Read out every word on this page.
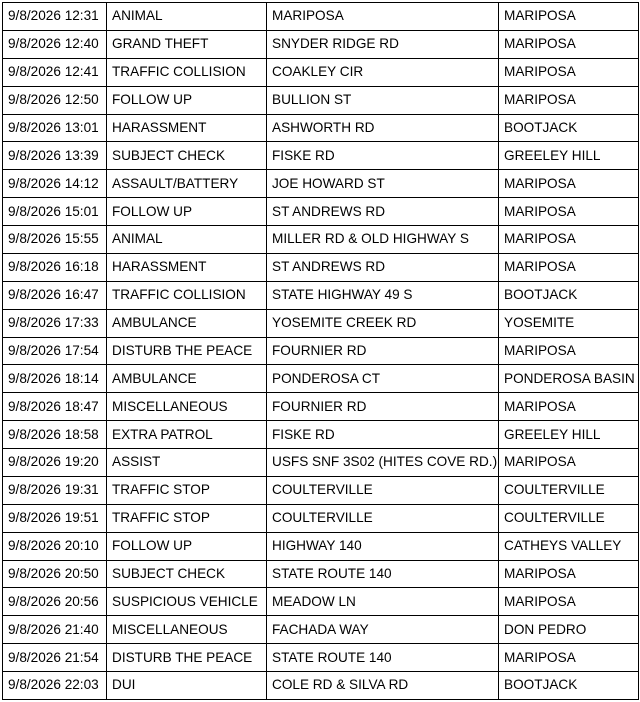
9/8/2026 12:31	ANIMAL	MARIPOSA	MARIPOSA
9/8/2026 12:40	GRAND THEFT	SNYDER RIDGE RD	MARIPOSA
9/8/2026 12:41	TRAFFIC COLLISION	COAKLEY CIR	MARIPOSA
9/8/2026 12:50	FOLLOW UP	BULLION ST	MARIPOSA
9/8/2026 13:01	HARASSMENT	ASHWORTH RD	BOOTJACK
9/8/2026 13:39	SUBJECT CHECK	FISKE RD	GREELEY HILL
9/8/2026 14:12	ASSAULT/BATTERY	JOE HOWARD ST	MARIPOSA
9/8/2026 15:01	FOLLOW UP	ST ANDREWS RD	MARIPOSA
9/8/2026 15:55	ANIMAL	MILLER RD & OLD HIGHWAY S	MARIPOSA
9/8/2026 16:18	HARASSMENT	ST ANDREWS RD	MARIPOSA
9/8/2026 16:47	TRAFFIC COLLISION	STATE HIGHWAY 49 S	BOOTJACK
9/8/2026 17:33	AMBULANCE	YOSEMITE CREEK RD	YOSEMITE
9/8/2026 17:54	DISTURB THE PEACE	FOURNIER RD	MARIPOSA
9/8/2026 18:14	AMBULANCE	PONDEROSA CT	PONDEROSA BASIN
9/8/2026 18:47	MISCELLANEOUS	FOURNIER RD	MARIPOSA
9/8/2026 18:58	EXTRA PATROL	FISKE RD	GREELEY HILL
9/8/2026 19:20	ASSIST	USFS SNF 3S02 (HITES COVE RD.)	MARIPOSA
9/8/2026 19:31	TRAFFIC STOP	COULTERVILLE	COULTERVILLE
9/8/2026 19:51	TRAFFIC STOP	COULTERVILLE	COULTERVILLE
9/8/2026 20:10	FOLLOW UP	HIGHWAY 140	CATHEYS VALLEY
9/8/2026 20:50	SUBJECT CHECK	STATE ROUTE 140	MARIPOSA
9/8/2026 20:56	SUSPICIOUS VEHICLE	MEADOW LN	MARIPOSA
9/8/2026 21:40	MISCELLANEOUS	FACHADA WAY	DON PEDRO
9/8/2026 21:54	DISTURB THE PEACE	STATE ROUTE 140	MARIPOSA
9/8/2026 22:03	DUI	COLE RD & SILVA RD	BOOTJACK
